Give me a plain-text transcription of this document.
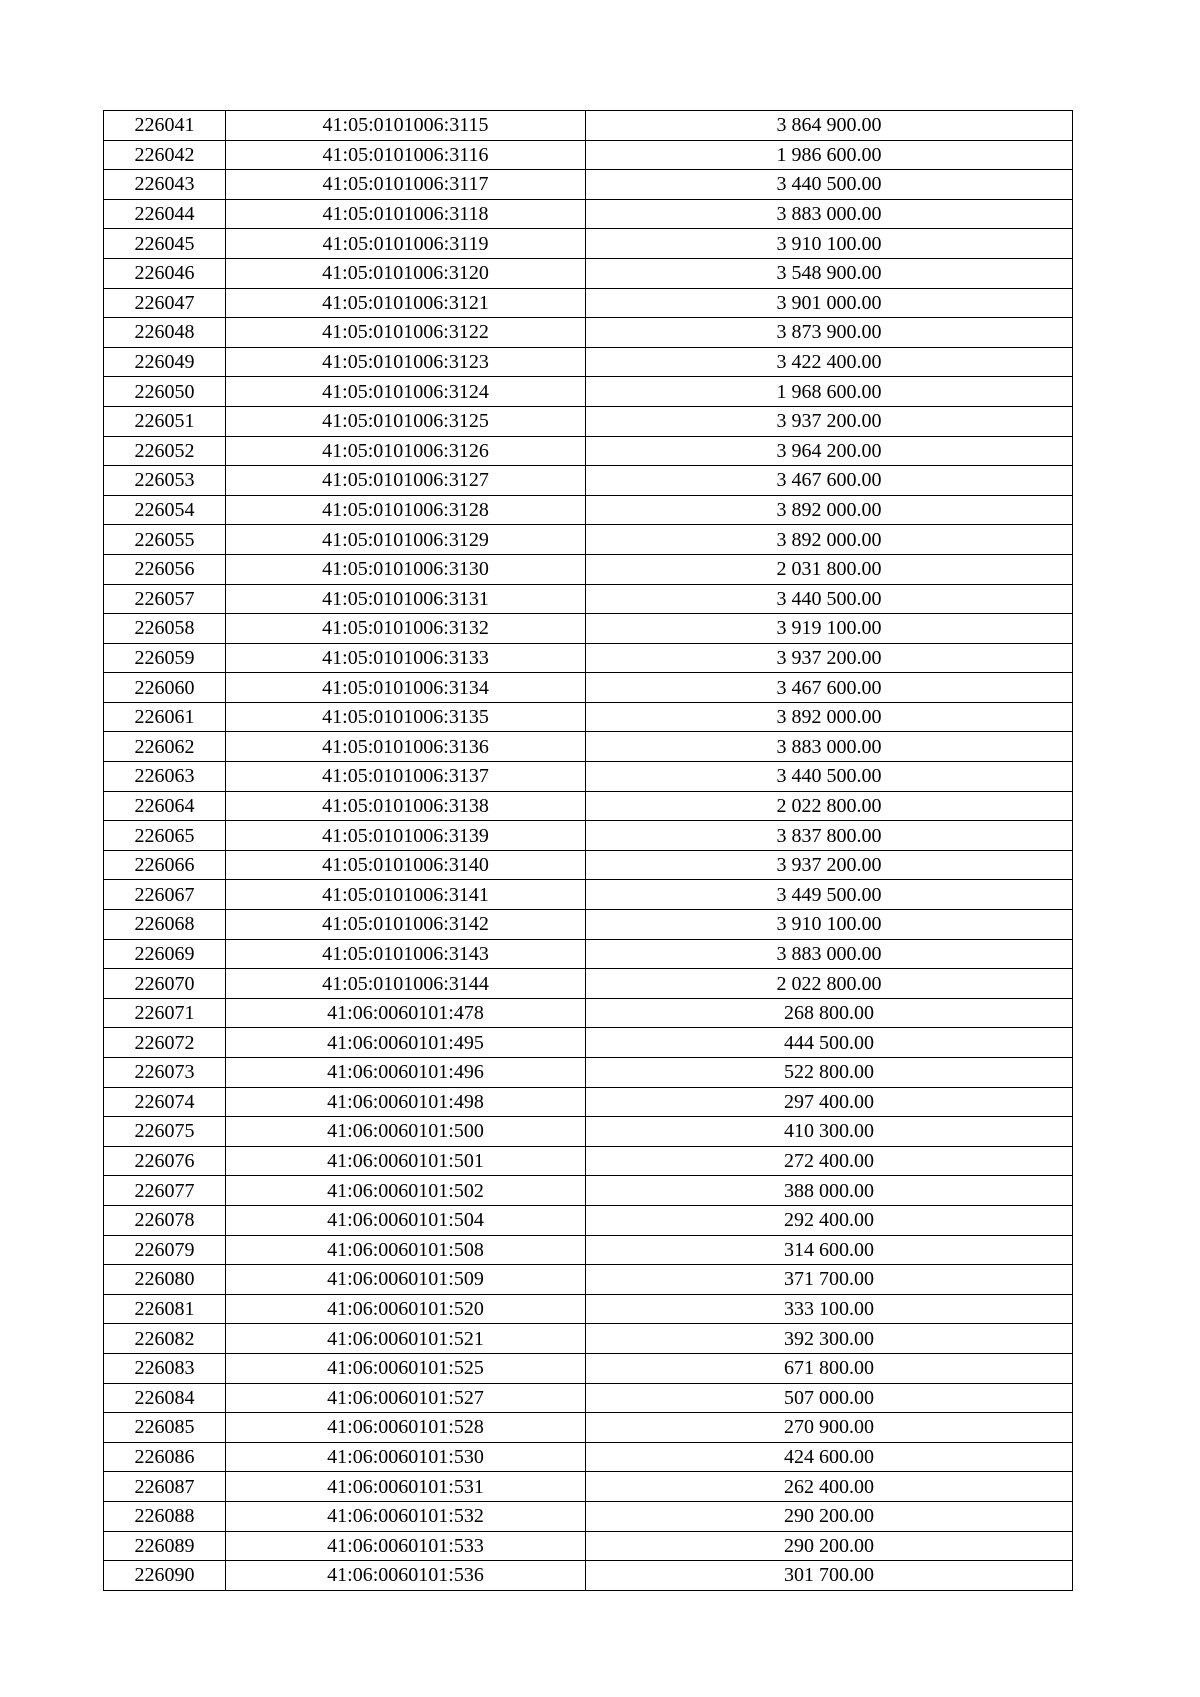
226041	41:05:0101006:3115	3 864 900.00
226042	41:05:0101006:3116	1 986 600.00
226043	41:05:0101006:3117	3 440 500.00
226044	41:05:0101006:3118	3 883 000.00
226045	41:05:0101006:3119	3 910 100.00
226046	41:05:0101006:3120	3 548 900.00
226047	41:05:0101006:3121	3 901 000.00
226048	41:05:0101006:3122	3 873 900.00
226049	41:05:0101006:3123	3 422 400.00
226050	41:05:0101006:3124	1 968 600.00
226051	41:05:0101006:3125	3 937 200.00
226052	41:05:0101006:3126	3 964 200.00
226053	41:05:0101006:3127	3 467 600.00
226054	41:05:0101006:3128	3 892 000.00
226055	41:05:0101006:3129	3 892 000.00
226056	41:05:0101006:3130	2 031 800.00
226057	41:05:0101006:3131	3 440 500.00
226058	41:05:0101006:3132	3 919 100.00
226059	41:05:0101006:3133	3 937 200.00
226060	41:05:0101006:3134	3 467 600.00
226061	41:05:0101006:3135	3 892 000.00
226062	41:05:0101006:3136	3 883 000.00
226063	41:05:0101006:3137	3 440 500.00
226064	41:05:0101006:3138	2 022 800.00
226065	41:05:0101006:3139	3 837 800.00
226066	41:05:0101006:3140	3 937 200.00
226067	41:05:0101006:3141	3 449 500.00
226068	41:05:0101006:3142	3 910 100.00
226069	41:05:0101006:3143	3 883 000.00
226070	41:05:0101006:3144	2 022 800.00
226071	41:06:0060101:478	268 800.00
226072	41:06:0060101:495	444 500.00
226073	41:06:0060101:496	522 800.00
226074	41:06:0060101:498	297 400.00
226075	41:06:0060101:500	410 300.00
226076	41:06:0060101:501	272 400.00
226077	41:06:0060101:502	388 000.00
226078	41:06:0060101:504	292 400.00
226079	41:06:0060101:508	314 600.00
226080	41:06:0060101:509	371 700.00
226081	41:06:0060101:520	333 100.00
226082	41:06:0060101:521	392 300.00
226083	41:06:0060101:525	671 800.00
226084	41:06:0060101:527	507 000.00
226085	41:06:0060101:528	270 900.00
226086	41:06:0060101:530	424 600.00
226087	41:06:0060101:531	262 400.00
226088	41:06:0060101:532	290 200.00
226089	41:06:0060101:533	290 200.00
226090	41:06:0060101:536	301 700.00
